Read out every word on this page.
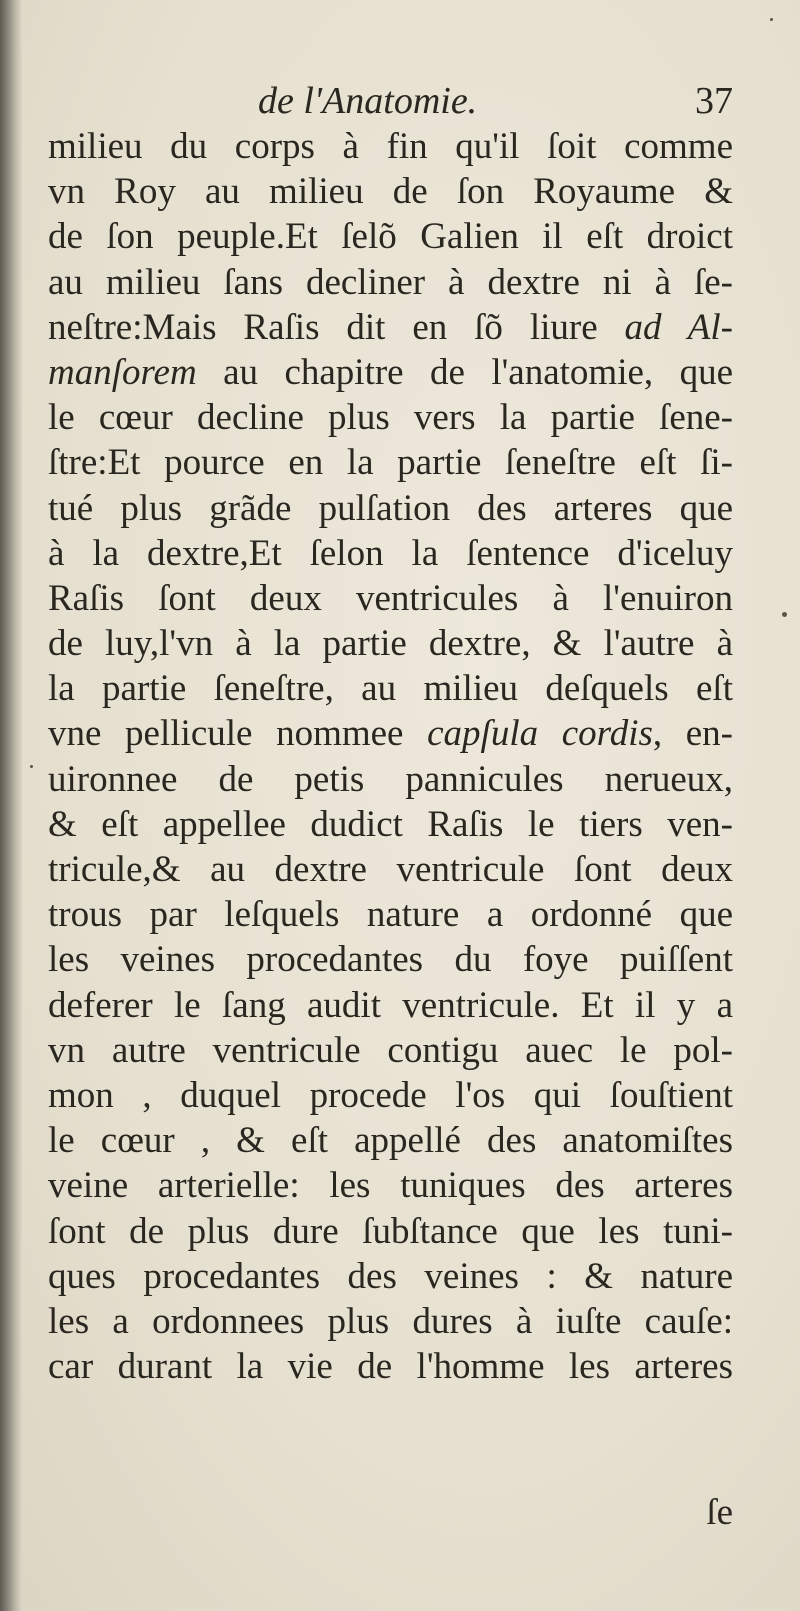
de l'Anatomie.	37
milieu du corps à fin qu'il ſoit comme
vn Roy au milieu de ſon Royaume &
de ſon peuple.Et ſelõ Galien il eſt droict
au milieu ſans decliner à dextre ni à ſe-
neſtre:Mais Raſis dit en ſõ liure ad Al-
manſorem au chapitre de l'anatomie, que
le cœur decline plus vers la partie ſene-
ſtre:Et pource en la partie ſeneſtre eſt ſi-
tué plus grãde pulſation des arteres que
à la dextre,Et ſelon la ſentence d'iceluy
Raſis ſont deux ventricules à l'enuiron
de luy,l'vn à la partie dextre, & l'autre à
la partie ſeneſtre, au milieu deſquels eſt
vne pellicule nommee capſula cordis, en-
uironnee de petis pannicules nerueux,
& eſt appellee dudict Raſis le tiers ven-
tricule,& au dextre ventricule ſont deux
trous par leſquels nature a ordonné que
les veines procedantes du foye puiſſent
deferer le ſang audit ventricule. Et il y a
vn autre ventricule contigu auec le pol-
mon , duquel procede l'os qui ſouſtient
le cœur , & eſt appellé des anatomiſtes
veine arterielle: les tuniques des arteres
ſont de plus dure ſubſtance que les tuni-
ques procedantes des veines : & nature
les a ordonnees plus dures à iuſte cauſe:
car durant la vie de l'homme les arteres
ſe
